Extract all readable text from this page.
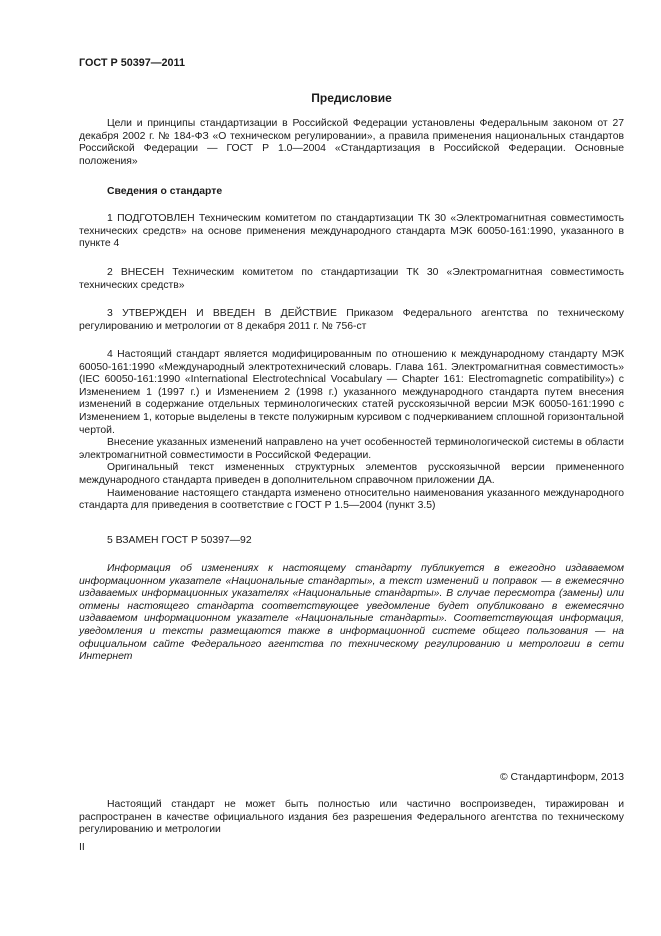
ГОСТ Р 50397—2011
Предисловие

Цели и принципы стандартизации в Российской Федерации установлены Федеральным законом от 27 декабря 2002 г. № 184-ФЗ «О техническом регулировании», а правила применения национальных стандартов Российской Федерации — ГОСТ Р 1.0—2004 «Стандартизация в Российской Федерации. Основные положения»

Сведения о стандарте

1 ПОДГОТОВЛЕН Техническим комитетом по стандартизации ТК 30 «Электромагнитная совместимость технических средств» на основе применения международного стандарта МЭК 60050-161:1990, указанного в пункте 4

2 ВНЕСЕН Техническим комитетом по стандартизации ТК 30 «Электромагнитная совместимость технических средств»

3 УТВЕРЖДЕН И ВВЕДЕН В ДЕЙСТВИЕ Приказом Федерального агентства по техническому регулированию и метрологии от 8 декабря 2011 г. № 756-ст

4 Настоящий стандарт является модифицированным по отношению к международному стандарту МЭК 60050-161:1990 «Международный электротехнический словарь. Глава 161. Электромагнитная совместимость» (IEC 60050-161:1990 «International Electrotechnical Vocabulary — Chapter 161: Electromagnetic compatibility») с Изменением 1 (1997 г.) и Изменением 2 (1998 г.) указанного международного стандарта путем внесения изменений в содержание отдельных терминологических статей русскоязычной версии МЭК 60050-161:1990 с Изменением 1, которые выделены в тексте полужирным курсивом с подчеркиванием сплошной горизонтальной чертой.

Внесение указанных изменений направлено на учет особенностей терминологической системы в области электромагнитной совместимости в Российской Федерации.

Оригинальный текст измененных структурных элементов русскоязычной версии примененного международного стандарта приведен в дополнительном справочном приложении ДА.

Наименование настоящего стандарта изменено относительно наименования указанного международного стандарта для приведения в соответствие с ГОСТ Р 1.5—2004 (пункт 3.5)

5 ВЗАМЕН ГОСТ Р 50397—92

Информация об изменениях к настоящему стандарту публикуется в ежегодно издаваемом информационном указателе «Национальные стандарты», а текст изменений и поправок — в ежемесячно издаваемых информационных указателях «Национальные стандарты». В случае пересмотра (замены) или отмены настоящего стандарта соответствующее уведомление будет опубликовано в ежемесячно издаваемом информационном указателе «Национальные стандарты». Соответствующая информация, уведомления и тексты размещаются также в информационной системе общего пользования — на официальном сайте Федерального агентства по техническому регулированию и метрологии в сети Интернет

© Стандартинформ, 2013

Настоящий стандарт не может быть полностью или частично воспроизведен, тиражирован и распространен в качестве официального издания без разрешения Федерального агентства по техническому регулированию и метрологии

II
